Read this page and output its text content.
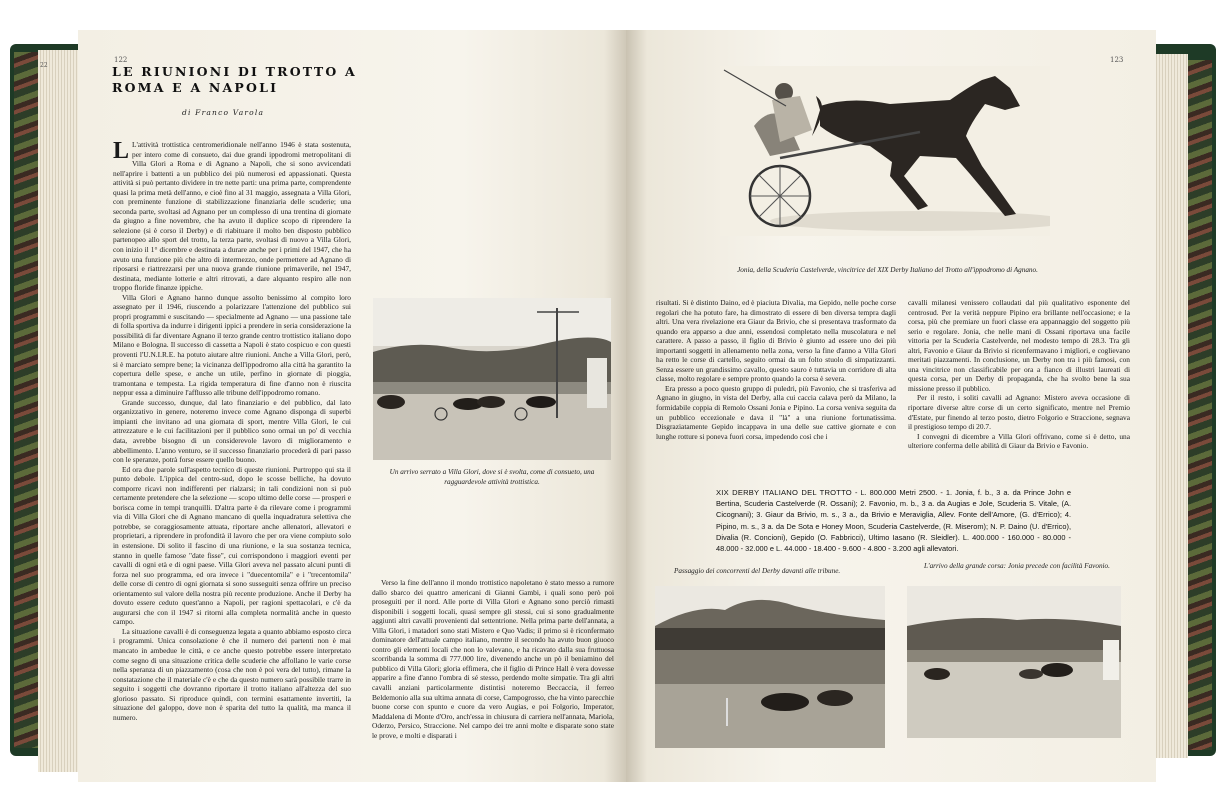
22
122

LE RIUNIONI DI TROTTO A ROMA E A NAPOLI

di Franco Varola

L L'attività trottistica centromeridionale nell'anno 1946 è stata sostenuta, per intero come di consueto, dai due grandi ippodromi metropolitani di Villa Glori a Roma e di Agnano a Napoli, che si sono avvicendati nell'aprire i battenti a un pubblico dei più numerosi ed appassionati. Questa attività si può pertanto dividere in tre nette parti: una prima parte, comprendente quasi la prima metà dell'anno, e cioè fino al 31 maggio, assegnata a Villa Glori, con preminente funzione di stabilizzazione finanziaria delle scuderie; una seconda parte, svoltasi ad Agnano per un complesso di una trentina di giornate da giugno a fine novembre, che ha avuto il duplice scopo di riprendere la selezione (si è corso il Derby) e di riabituare il molto ben disposto pubblico partenopeo allo sport del trotto, la terza parte, svoltasi di nuovo a Villa Glori, con inizio il 1° dicembre e destinata a durare anche per i primi del 1947, che ha avuto una funzione più che altro di intermezzo, onde permettere ad Agnano di riposarsi e riattrezzarsi per una nuova grande riunione primaverile, nel 1947, destinata, mediante lotterie e altri ritrovati, a dare alquanto respiro alle non troppo floride finanze ippiche.

Villa Glori e Agnano hanno dunque assolto benissimo al compito loro assegnato per il 1946, riuscendo a polarizzare l'attenzione del pubblico sui propri programmi e suscitando — specialmente ad Agnano — una passione tale di folla sportiva da indurre i dirigenti ippici a prendere in seria considerazione la possibilità di far diventare Agnano il terzo grande centro trottistico italiano dopo Milano e Bologna. Il successo di cassetta a Napoli è stato cospicuo e con questi proventi l'U.N.I.R.E. ha potuto aiutare altre riunioni. Anche a Villa Glori, però, si è marciato sempre bene; la vicinanza dell'ippodromo alla città ha garantito la copertura delle spese, e anche un utile, perfino in giornate di pioggia, tramontana e tempesta. La rigida temperatura di fine d'anno non è riuscita neppur essa a diminuire l'afflusso alle tribune dell'ippodromo romano.

Grande successo, dunque, dal lato finanziario e del pubblico, dal lato organizzativo in genere, noteremo invece come Agnano disponga di superbi impianti che invitano ad una giornata di sport, mentre Villa Glori, le cui attrezzature e le cui facilitazioni per il pubblico sono ormai un po' di vecchia data, avrebbe bisogno di un considerevole lavoro di miglioramento e abbellimento. L'anno venturo, se il successo finanziario procederà di pari passo con le speranze, potrà forse essere quello buono.

Ed ora due parole sull'aspetto tecnico di queste riunioni. Purtroppo qui sta il punto debole. L'ippica del centro-sud, dopo le scosse belliche, ha dovuto comporre ricavi non indifferenti per rialzarsi; in tali condizioni non si può certamente pretendere che la selezione — scopo ultimo delle corse — prosperi e borisca come in tempi tranquilli. D'altra parte è da rilevare come i programmi via di Villa Glori che di Agnano mancano di quella inquadratura selettiva che potrebbe, se coraggiosamente attuata, riportare anche allenatori, allevatori e proprietari, a riprendere in profondità il lavoro che per ora viene compiuto solo in estensione. Di solito il fascino di una riunione, e la sua sostanza tecnica, stanno in quelle famose "date fisse", cui corrispondono i maggiori eventi per cavalli di ogni età e di ogni paese. Villa Glori aveva nel passato alcuni punti di forza nel suo programma, ed ora invece i "duecentomila" e i "trecentomila" delle corse di centro di ogni giornata si sono susseguiti senza offrire un preciso orientamento sul valore della nostra più recente produzione. Anche il Derby ha dovuto essere ceduto quest'anno a Napoli, per ragioni spettacolari, e c'è da augurarsi che con il 1947 si ritorni alla completa normalità anche in questo campo.

La situazione cavalli è di conseguenza legata a quanto abbiamo esposto circa i programmi. Unica consolazione è che il numero dei partenti non è mai mancato in ambedue le città, e ce anche questo potrebbe essere interpretato come segno di una situazione critica delle scuderie che affollano le varie corse nella speranza di un piazzamento (cosa che non è poi vera del tutto), rimane la constatazione che il materiale c'è e che da questo numero sarà possibile trarre in seguito i soggetti che dovranno riportare il trotto italiano all'altezza del suo glorioso passato. Si riproduce quindi, con termini esattamente invertiti, la situazione del galoppo, dove non è sparita del tutto la qualità, ma manca il numero.

Un arrivo serrato a Villa Glori, dove si è svolta, come di consueto, una ragguardevole attività trottistica.

Verso la fine dell'anno il mondo trottistico napoletano è stato messo a rumore dallo sbarco dei quattro americani di Gianni Gambi, i quali sono però poi proseguiti per il nord. Alle porte di Villa Glori e Agnano sono perciò rimasti disponibili i soggetti locali, quasi sempre gli stessi, cui si sono gradualmente aggiunti altri cavalli provenienti dal settentrione. Nella prima parte dell'annata, a Villa Glori, i matadori sono stati Mistero e Quo Vadis; il primo si è riconfermato dominatore dell'attuale campo italiano, mentre il secondo ha avuto buon giuoco contro gli elementi locali che non lo valevano, e ha ricavato dalla sua fruttuosa scorribanda la somma di 777.000 lire, divenendo anche un pò il beniamino del pubblico di Villa Glori; gloria effimera, che il figlio di Prince Hall è vera dovesse apparire a fine d'anno l'ombra di sé stesso, perdendo molte simpatie. Tra gli altri cavalli anziani particolarmente distintisi noteremo Beccaccia, il ferreo Beldemonio alla sua ultima annata di corse, Campogrosso, che ha vinto parecchie buone corse con spunto e cuore da vero Augias, e poi Folgorio, Imperator, Maddalena di Monte d'Oro, anch'essa in chiusura di carriera nell'annata, Mariola, Oderzo, Persico, Straccione. Nel campo dei tre anni molte e disparate sono state le prove, e molti e disparati i

123
Jonia, della Scuderia Castelverde, vincitrice del XIX Derby Italiano del Trotto all'ippodromo di Agnano.

risultati. Si è distinto Daino, ed è piaciuta Divalia, ma Gepido, nelle poche corse regolari che ha potuto fare, ha dimostrato di essere di ben diversa tempra dagli altri. Una vera rivelazione era Giaur da Brivio, che si presentava trasformato da quando era apparso a due anni, essendosi completato nella muscolatura e nel carattere. A passo a passo, il figlio di Brivio è giunto ad essere uno dei più importanti soggetti in allenamento nella zona, verso la fine d'anno a Villa Glori ha retto le corse di cartello, seguito ormai da un folto stuolo di simpatizzanti. Senza essere un grandissimo cavallo, questo sauro è tuttavia un corridore di alta classe, molto regolare e sempre pronto quando la corsa è severa.

Era presso a poco questo gruppo di puledri, più Favonio, che si trasferiva ad Agnano in giugno, in vista del Derby, alla cui caccia calava però da Milano, la formidabile coppia di Remolo Ossani Jonia e Pipino. La corsa veniva seguita da un pubblico eccezionale e dava il "là" a una riunione fortunatissima. Disgraziatamente Gepido incappava in una delle sue cattive giornate e con lunghe rotture si poneva fuori corsa, impedendo così che i

cavalli milanesi venissero collaudati dal più qualitativo esponente del centrosud. Per la verità neppure Pipino era brillante nell'occasione; e la corsa, più che premiare un fuori classe era appannaggio del soggetto più serio e regolare. Jonia, che nelle mani di Ossani riportava una facile vittoria per la Scuderia Castelverde, nel modesto tempo di 28.3. Tra gli altri, Favonio e Giaur da Brivio si ricenfermavano i migliori, e coglievano meritati piazzamenti. In conclusione, un Derby non tra i più famosi, con una vincitrice non classificabile per ora a fianco di illustri laureati di questa corsa, per un Derby di propaganda, che ha svolto bene la sua missione presso il pubblico.

Per il resto, i soliti cavalli ad Agnano: Mistero aveva occasione di riportare diverse altre corse di un certo significato, mentre nel Premio d'Estate, pur finendo al terzo posto, dietro Folgorio e Straccione, segnava il prestigioso tempo di 20.7.

I convegni di dicembre a Villa Glori offrivano, come si è detto, una ulteriore conferma delle abilità di Giaur da Brivio e Favonio.

XIX DERBY ITALIANO DEL TROTTO - L. 800.000 Metri 2500. - 1. Jonia, f. b., 3 a. da Prince John e Bertina, Scuderia Castelverde (R. Ossani); 2. Favonio, m. b., 3 a. da Augias e Jole, Scuderia S. Vitale, (A. Cicognani); 3. Giaur da Brivio, m. s., 3 a., da Brivio e Meraviglia, Allev. Fonte dell'Amore, (G. d'Errico); 4. Pipino, m. s., 3 a. da De Sota e Honey Moon, Scuderia Castelverde, (R. Miserom); N. P. Daino (U. d'Errico), Divalia (R. Concioni), Gepido (O. Fabbricci), Ultimo Iasano (R. Sleidler). L. 400.000 - 160.000 - 80.000 - 48.000 - 32.000 e L. 44.000 - 18.400 - 9.600 - 4.800 - 3.200 agli allevatori.
Passaggio dei concorrenti del Derby davanti alle tribune.
L'arrivo della grande corsa: Jonia precede con facilità Favonio.
